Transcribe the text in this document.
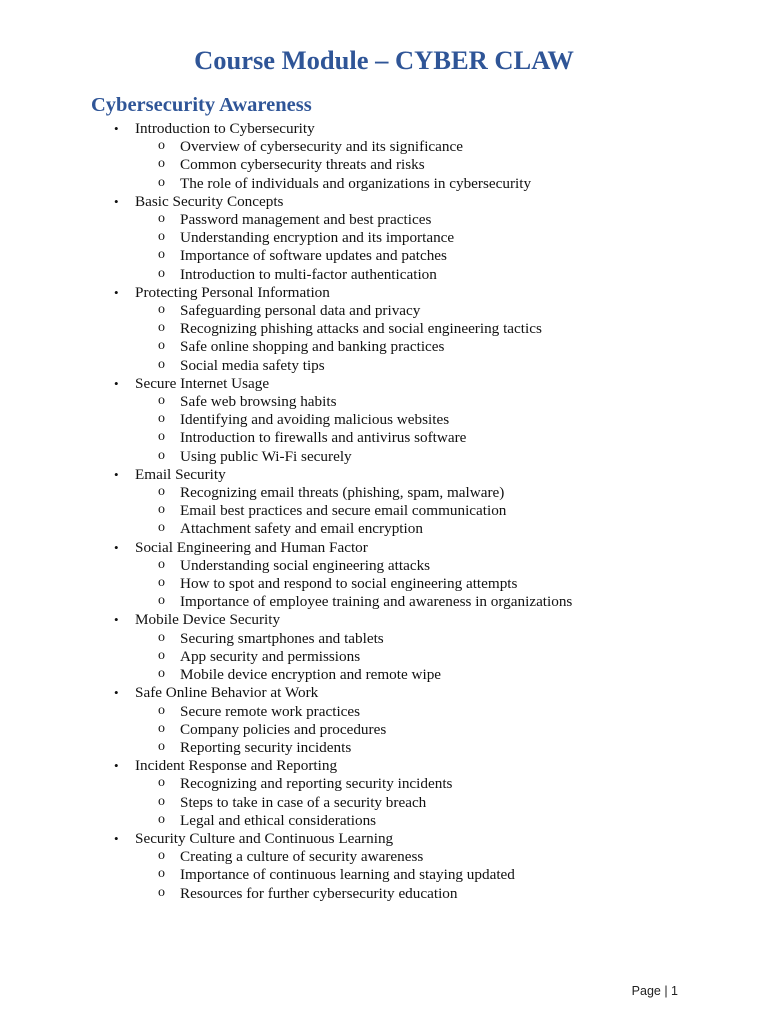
Course Module – CYBER CLAW
Cybersecurity Awareness
• Introduction to Cybersecurity
o Overview of cybersecurity and its significance
o Common cybersecurity threats and risks
o The role of individuals and organizations in cybersecurity
• Basic Security Concepts
o Password management and best practices
o Understanding encryption and its importance
o Importance of software updates and patches
o Introduction to multi-factor authentication
• Protecting Personal Information
o Safeguarding personal data and privacy
o Recognizing phishing attacks and social engineering tactics
o Safe online shopping and banking practices
o Social media safety tips
• Secure Internet Usage
o Safe web browsing habits
o Identifying and avoiding malicious websites
o Introduction to firewalls and antivirus software
o Using public Wi-Fi securely
• Email Security
o Recognizing email threats (phishing, spam, malware)
o Email best practices and secure email communication
o Attachment safety and email encryption
• Social Engineering and Human Factor
o Understanding social engineering attacks
o How to spot and respond to social engineering attempts
o Importance of employee training and awareness in organizations
• Mobile Device Security
o Securing smartphones and tablets
o App security and permissions
o Mobile device encryption and remote wipe
• Safe Online Behavior at Work
o Secure remote work practices
o Company policies and procedures
o Reporting security incidents
• Incident Response and Reporting
o Recognizing and reporting security incidents
o Steps to take in case of a security breach
o Legal and ethical considerations
• Security Culture and Continuous Learning
o Creating a culture of security awareness
o Importance of continuous learning and staying updated
o Resources for further cybersecurity education
Page | 1
